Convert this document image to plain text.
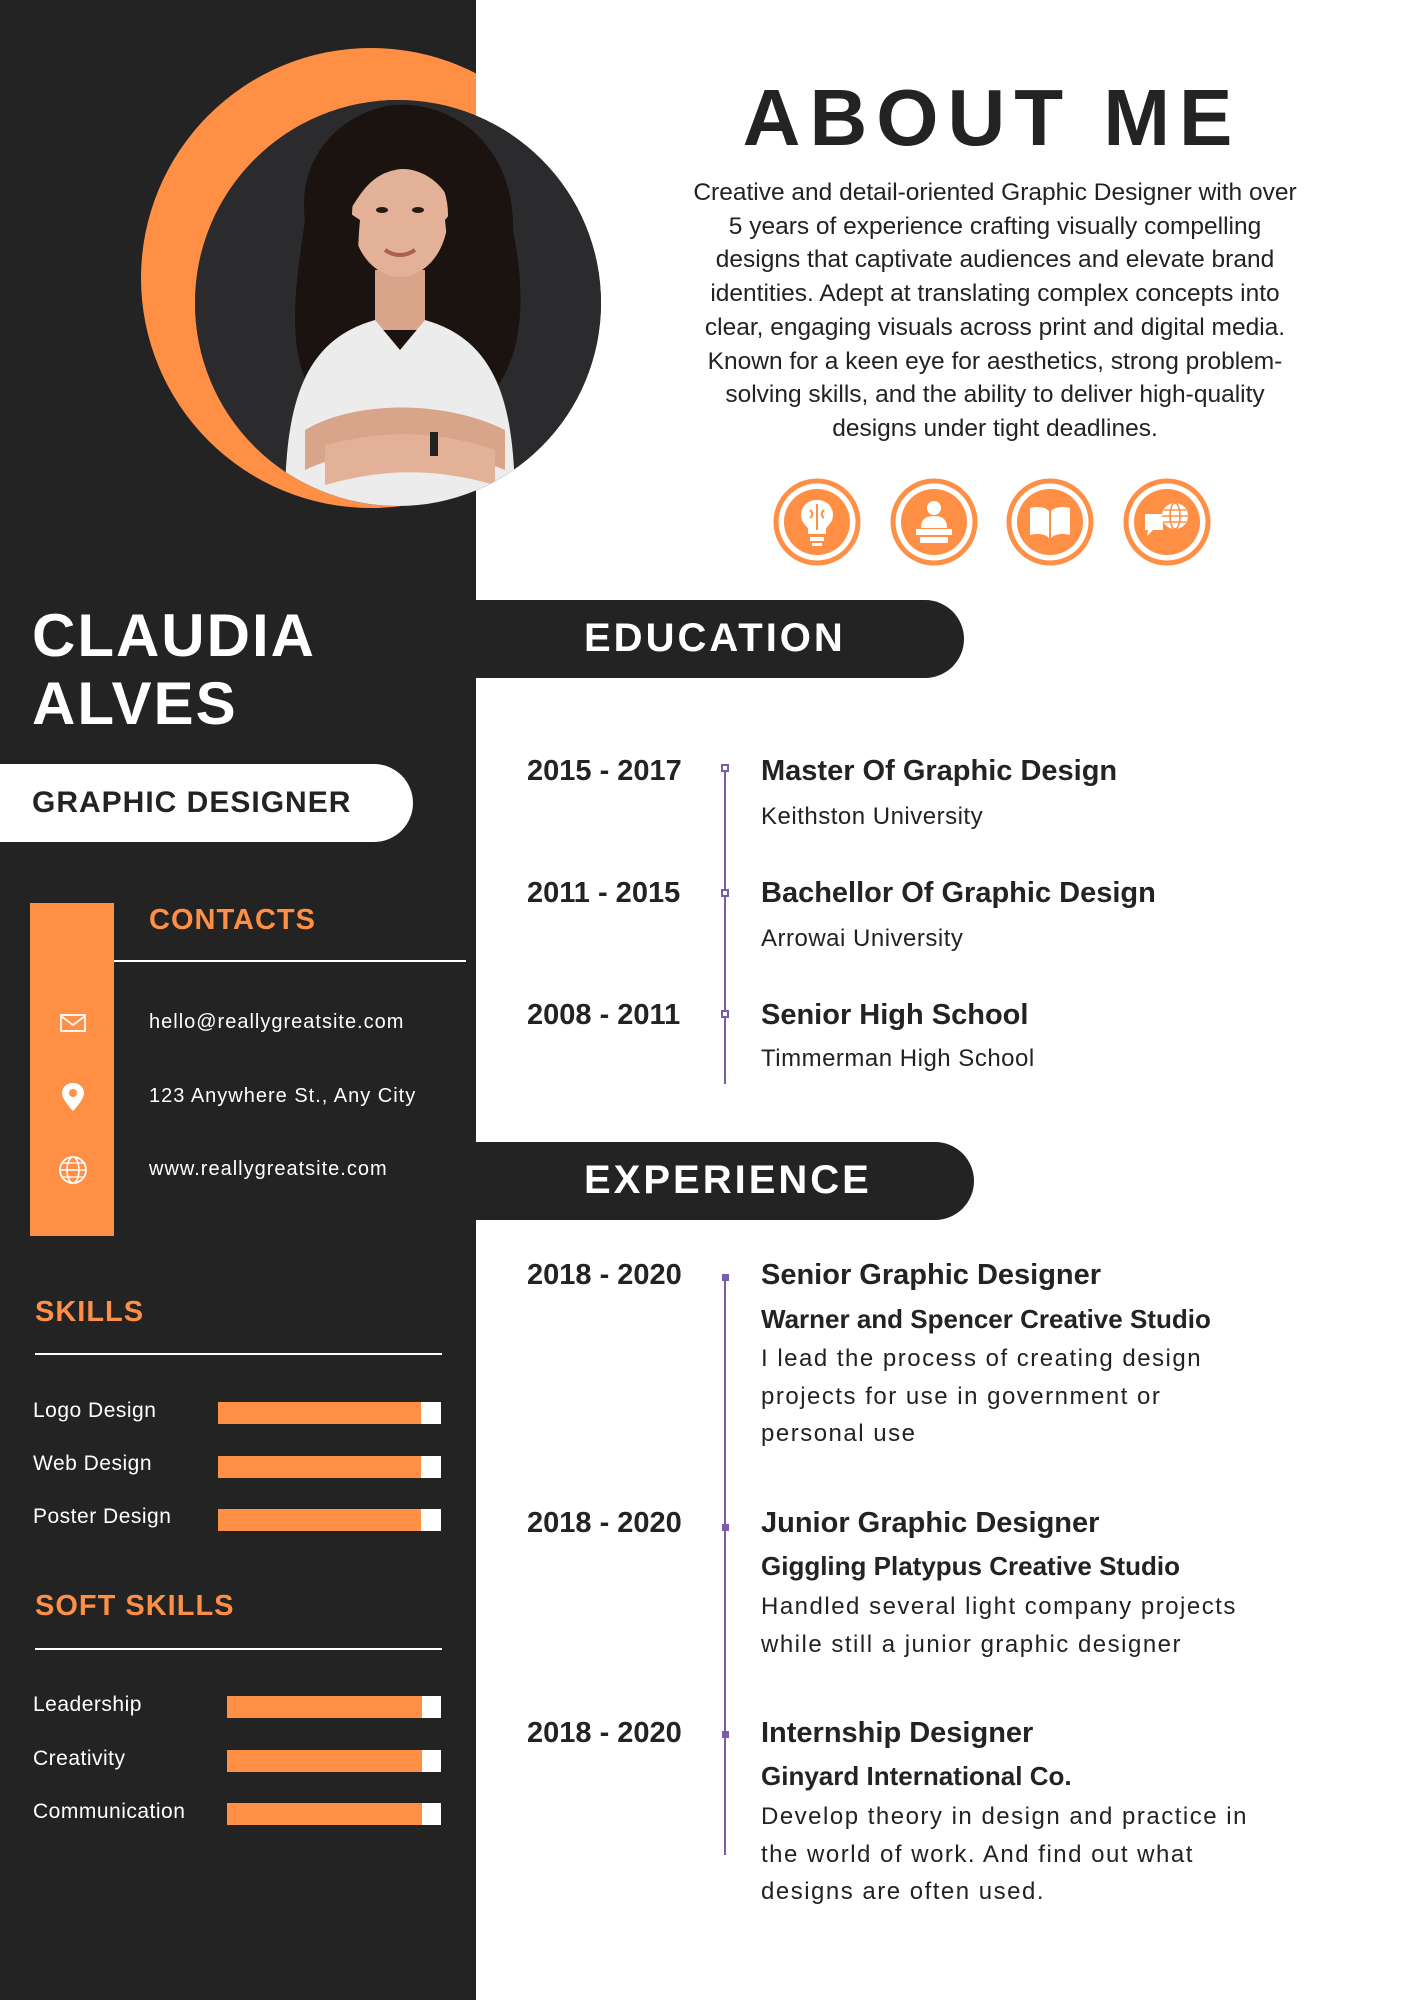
CLAUDIA
ALVES
GRAPHIC DESIGNER
CONTACTS
hello@reallygreatsite.com
123 Anywhere St., Any City
www.reallygreatsite.com
SKILLS
Logo Design
Web Design
Poster Design
SOFT SKILLS
Leadership
Creativity
Communication
ABOUT ME
Creative and detail-oriented Graphic Designer with over
5 years of experience crafting visually compelling
designs that captivate audiences and elevate brand
identities. Adept at translating complex concepts into
clear, engaging visuals across print and digital media.
Known for a keen eye for aesthetics, strong problem-
solving skills, and the ability to deliver high-quality
designs under tight deadlines.
EDUCATION
2015 - 2017	Master Of Graphic Design
Keithston University
2011 - 2015	Bachellor Of Graphic Design
Arrowai University
2008 - 2011	Senior High School
Timmerman High School
EXPERIENCE
2018 - 2020	Senior Graphic Designer
Warner and Spencer Creative Studio
I lead the process of creating design
projects for use in government or
personal use
2018 - 2020	Junior Graphic Designer
Giggling Platypus Creative Studio
Handled several light company projects
while still a junior graphic designer
2018 - 2020	Internship Designer
Ginyard International Co.
Develop theory in design and practice in
the world of work. And find out what
designs are often used.
